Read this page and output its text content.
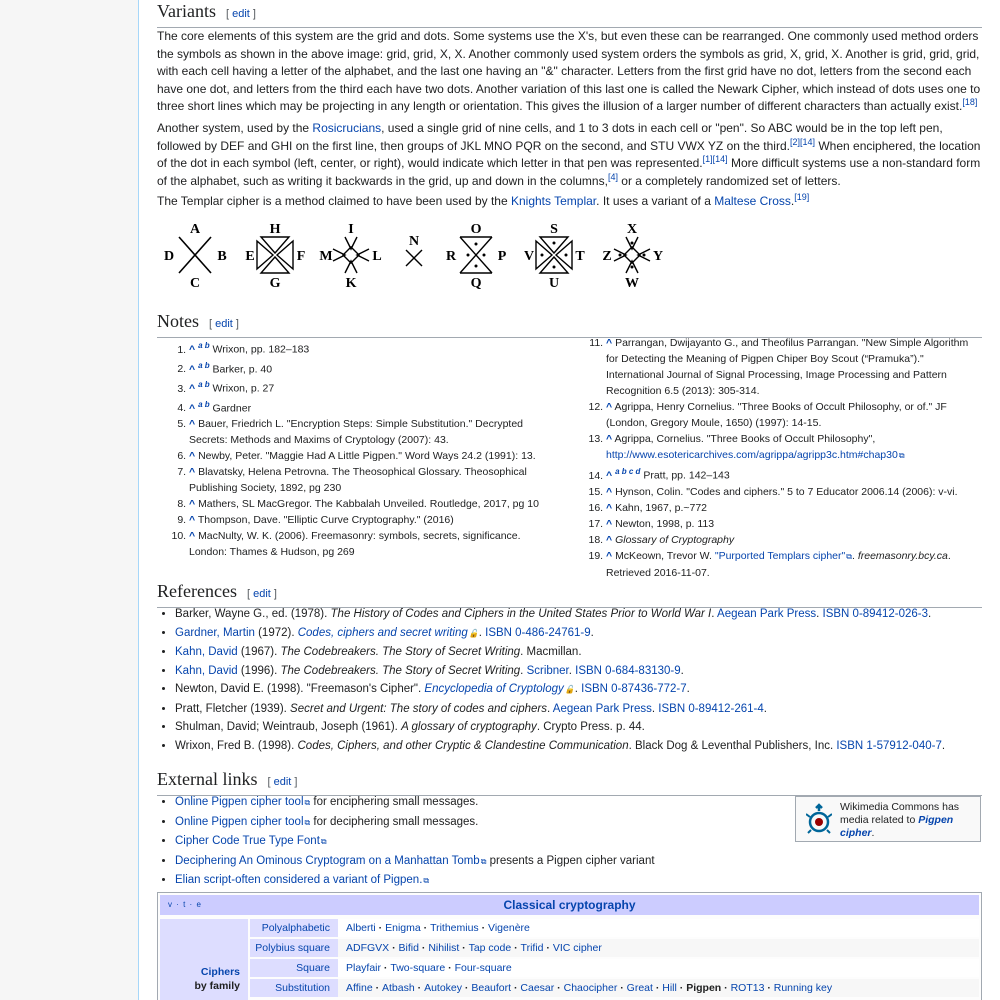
Variants [ edit ]

The core elements of this system are the grid and dots. Some systems use the X's, but even these can be rearranged. One commonly used method orders the symbols as shown in the above image: grid, grid, X, X. Another commonly used system orders the symbols as grid, X, grid, X. Another is grid, grid, grid, with each cell having a letter of the alphabet, and the last one having an "&" character. Letters from the first grid have no dot, letters from the second each have one dot, and letters from the third each have two dots. Another variation of this last one is called the Newark Cipher, which instead of dots uses one to three short lines which may be projecting in any length or orientation. This gives the illusion of a larger number of different characters than actually exist.[18]

Another system, used by the Rosicrucians, used a single grid of nine cells, and 1 to 3 dots in each cell or "pen". So ABC would be in the top left pen, followed by DEF and GHI on the first line, then groups of JKL MNO PQR on the second, and STU VWX YZ on the third.[2][14] When enciphered, the location of the dot in each symbol (left, center, or right), would indicate which letter in that pen was represented.[1][14] More difficult systems use a non-standard form of the alphabet, such as writing it backwards in the grid, up and down in the columns,[4] or a completely randomized set of letters.

The Templar cipher is a method claimed to have been used by the Knights Templar. It uses a variant of a Maltese Cross.[19]

A
D	B
C
H
E	F
G
I
M	L
K
N
O
R	P
Q
S
V	T
U
X
Z	Y
W
Notes [ edit ]
1. ^ $^{a b}$ Wrixon, pp. 182–183
2. ^ $^{a b}$ Barker, p. 40
3. ^ $^{a b}$ Wrixon, p. 27
4. ^ $^{a b}$ Gardner
5. ^ Bauer, Friedrich L. "Encryption Steps: Simple Substitution." Decrypted Secrets: Methods and Maxims of Cryptology (2007): 43.
6. ^ Newby, Peter. "Maggie Had A Little Pigpen." Word Ways 24.2 (1991): 13.
7. ^ Blavatsky, Helena Petrovna. The Theosophical Glossary. Theosophical Publishing Society, 1892, pg 230
8. ^ Mathers, SL MacGregor. The Kabbalah Unveiled. Routledge, 2017, pg 10
9. ^ Thompson, Dave. "Elliptic Curve Cryptography." (2016)
10. ^ MacNulty, W. K. (2006). Freemasonry: symbols, secrets, significance. London: Thames & Hudson, pg 269
11. ^ Parrangan, Dwijayanto G., and Theofilus Parrangan. "New Simple Algorithm for Detecting the Meaning of Pigpen Chiper Boy Scout (“Pramuka”)." International Journal of Signal Processing, Image Processing and Pattern Recognition 6.5 (2013): 305-314.
12. ^ Agrippa, Henry Cornelius. "Three Books of Occult Philosophy, or of." JF (London, Gregory Moule, 1650) (1997): 14-15.
13. ^ Agrippa, Cornelius. "Three Books of Occult Philosophy", http://www.esotericarchives.com/agrippa/agripp3c.htm#chap30 ⧉
14. ^ $^{a b c d}$ Pratt, pp. 142–143
15. ^ Hynson, Colin. "Codes and ciphers." 5 to 7 Educator 2006.14 (2006): v-vi.
16. ^ Kahn, 1967, p.~772
17. ^ Newton, 1998, p. 113
18. ^ Glossary of Cryptography
19. ^ McKeown, Trevor W. "Purported Templars cipher" ⧉ . freemasonry.bcy.ca. Retrieved 2016-11-07.
References [ edit ]
• Barker, Wayne G., ed. (1978). The History of Codes and Ciphers in the United States Prior to World War I. Aegean Park Press. ISBN 0-89412-026-3.
• Gardner, Martin (1972). Codes, ciphers and secret writing 🔓 . ISBN 0-486-24761-9.
• Kahn, David (1967). The Codebreakers. The Story of Secret Writing. Macmillan.
• Kahn, David (1996). The Codebreakers. The Story of Secret Writing. Scribner. ISBN 0-684-83130-9.
• Newton, David E. (1998). "Freemason's Cipher". Encyclopedia of Cryptology 🔓 . ISBN 0-87436-772-7.
• Pratt, Fletcher (1939). Secret and Urgent: The story of codes and ciphers. Aegean Park Press. ISBN 0-89412-261-4.
• Shulman, David; Weintraub, Joseph (1961). A glossary of cryptography. Crypto Press. p. 44.
• Wrixon, Fred B. (1998). Codes, Ciphers, and other Cryptic & Clandestine Communication. Black Dog & Leventhal Publishers, Inc. ISBN 1-57912-040-7.
External links [ edit ]
• Online Pigpen cipher tool ⧉ for enciphering small messages.
• Online Pigpen cipher tool ⧉ for deciphering small messages.
• Cipher Code True Type Font ⧉
• Deciphering An Ominous Cryptogram on a Manhattan Tomb ⧉ presents a Pigpen cipher variant
• Elian script-often considered a variant of Pigpen. ⧉
Wikimedia Commons has media related to Pigpen cipher.
v · t · e	Classical cryptography
Ciphers
by family
Polyalphabetic	Alberti · Enigma · Trithemius · Vigenère
Polybius square	ADFGVX · Bifid · Nihilist · Tap code · Trifid · VIC cipher
Square	Playfair · Two-square · Four-square
Substitution	Affine · Atbash · Autokey · Beaufort · Caesar · Chaocipher · Great · Hill · Pigpen · ROT13 · Running key
